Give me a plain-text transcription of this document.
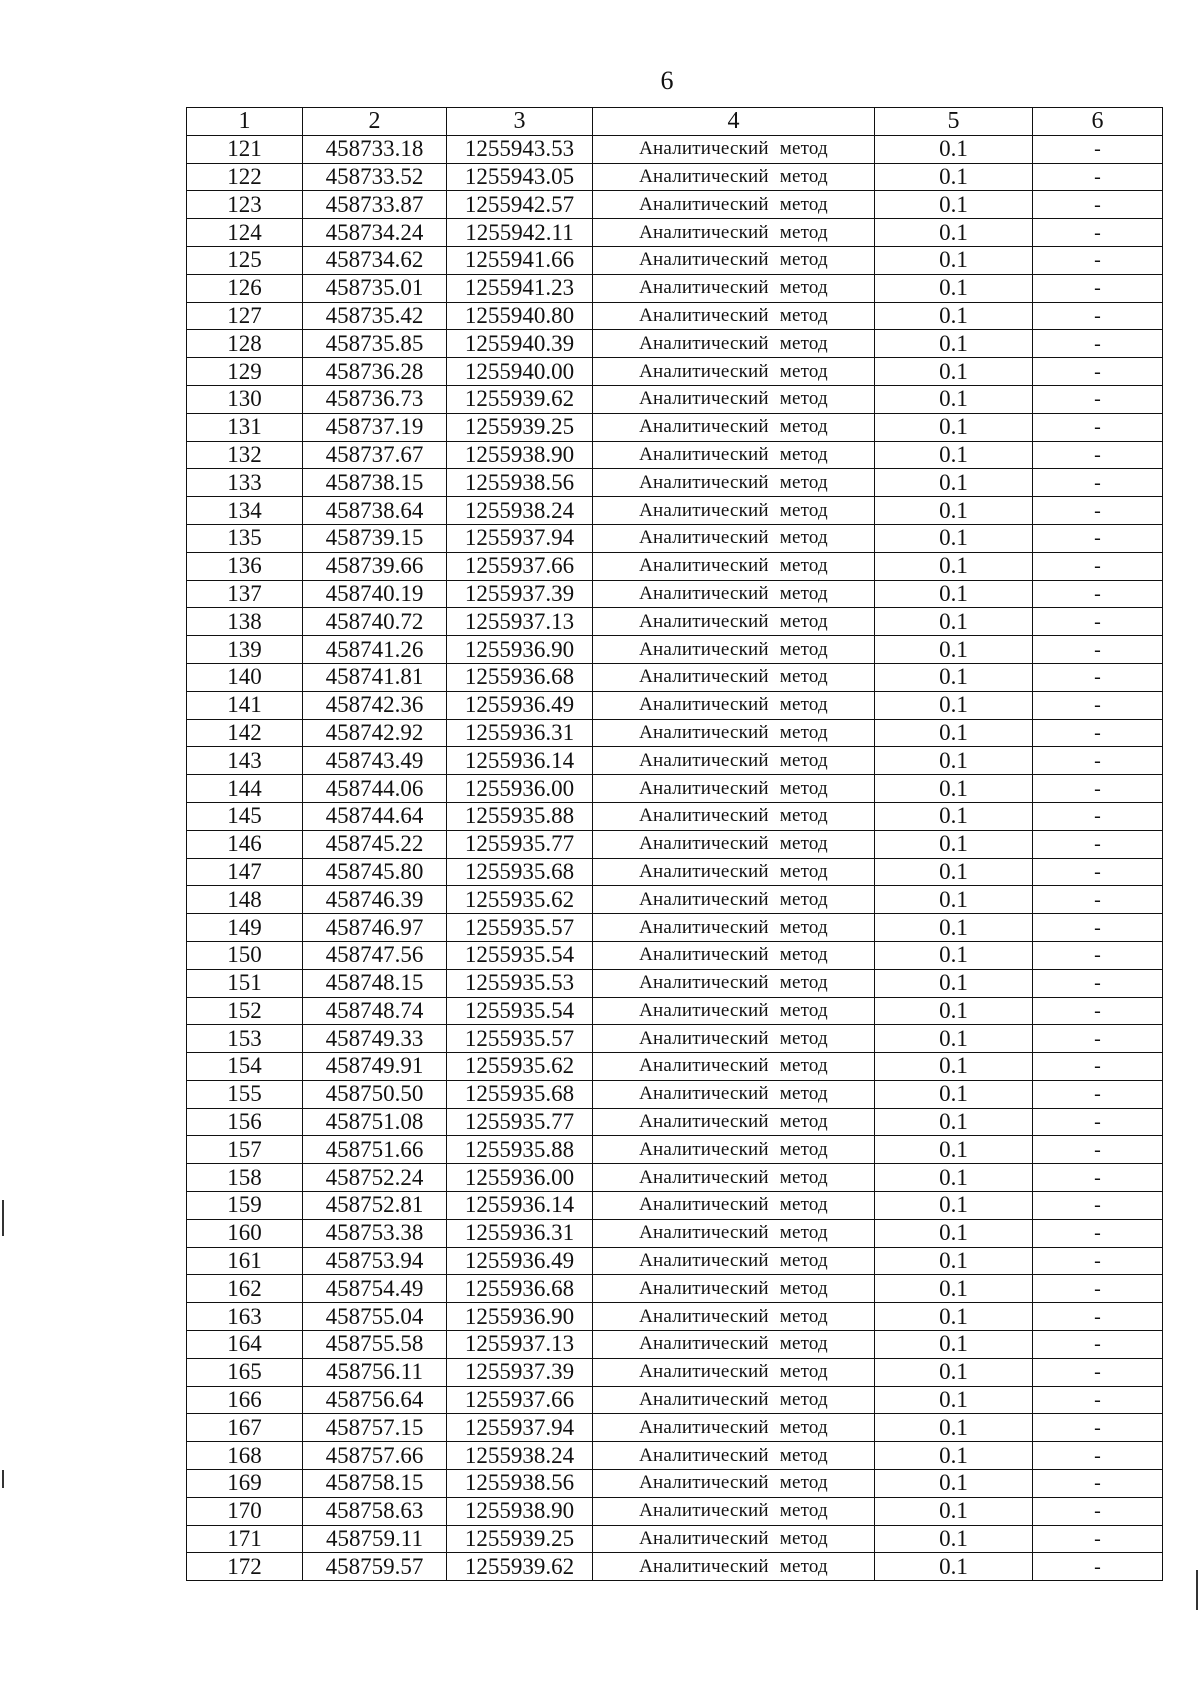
6
1	2	3	4	5	6
121	458733.18	1255943.53	Аналитический метод	0.1	-
122	458733.52	1255943.05	Аналитический метод	0.1	-
123	458733.87	1255942.57	Аналитический метод	0.1	-
124	458734.24	1255942.11	Аналитический метод	0.1	-
125	458734.62	1255941.66	Аналитический метод	0.1	-
126	458735.01	1255941.23	Аналитический метод	0.1	-
127	458735.42	1255940.80	Аналитический метод	0.1	-
128	458735.85	1255940.39	Аналитический метод	0.1	-
129	458736.28	1255940.00	Аналитический метод	0.1	-
130	458736.73	1255939.62	Аналитический метод	0.1	-
131	458737.19	1255939.25	Аналитический метод	0.1	-
132	458737.67	1255938.90	Аналитический метод	0.1	-
133	458738.15	1255938.56	Аналитический метод	0.1	-
134	458738.64	1255938.24	Аналитический метод	0.1	-
135	458739.15	1255937.94	Аналитический метод	0.1	-
136	458739.66	1255937.66	Аналитический метод	0.1	-
137	458740.19	1255937.39	Аналитический метод	0.1	-
138	458740.72	1255937.13	Аналитический метод	0.1	-
139	458741.26	1255936.90	Аналитический метод	0.1	-
140	458741.81	1255936.68	Аналитический метод	0.1	-
141	458742.36	1255936.49	Аналитический метод	0.1	-
142	458742.92	1255936.31	Аналитический метод	0.1	-
143	458743.49	1255936.14	Аналитический метод	0.1	-
144	458744.06	1255936.00	Аналитический метод	0.1	-
145	458744.64	1255935.88	Аналитический метод	0.1	-
146	458745.22	1255935.77	Аналитический метод	0.1	-
147	458745.80	1255935.68	Аналитический метод	0.1	-
148	458746.39	1255935.62	Аналитический метод	0.1	-
149	458746.97	1255935.57	Аналитический метод	0.1	-
150	458747.56	1255935.54	Аналитический метод	0.1	-
151	458748.15	1255935.53	Аналитический метод	0.1	-
152	458748.74	1255935.54	Аналитический метод	0.1	-
153	458749.33	1255935.57	Аналитический метод	0.1	-
154	458749.91	1255935.62	Аналитический метод	0.1	-
155	458750.50	1255935.68	Аналитический метод	0.1	-
156	458751.08	1255935.77	Аналитический метод	0.1	-
157	458751.66	1255935.88	Аналитический метод	0.1	-
158	458752.24	1255936.00	Аналитический метод	0.1	-
159	458752.81	1255936.14	Аналитический метод	0.1	-
160	458753.38	1255936.31	Аналитический метод	0.1	-
161	458753.94	1255936.49	Аналитический метод	0.1	-
162	458754.49	1255936.68	Аналитический метод	0.1	-
163	458755.04	1255936.90	Аналитический метод	0.1	-
164	458755.58	1255937.13	Аналитический метод	0.1	-
165	458756.11	1255937.39	Аналитический метод	0.1	-
166	458756.64	1255937.66	Аналитический метод	0.1	-
167	458757.15	1255937.94	Аналитический метод	0.1	-
168	458757.66	1255938.24	Аналитический метод	0.1	-
169	458758.15	1255938.56	Аналитический метод	0.1	-
170	458758.63	1255938.90	Аналитический метод	0.1	-
171	458759.11	1255939.25	Аналитический метод	0.1	-
172	458759.57	1255939.62	Аналитический метод	0.1	-
